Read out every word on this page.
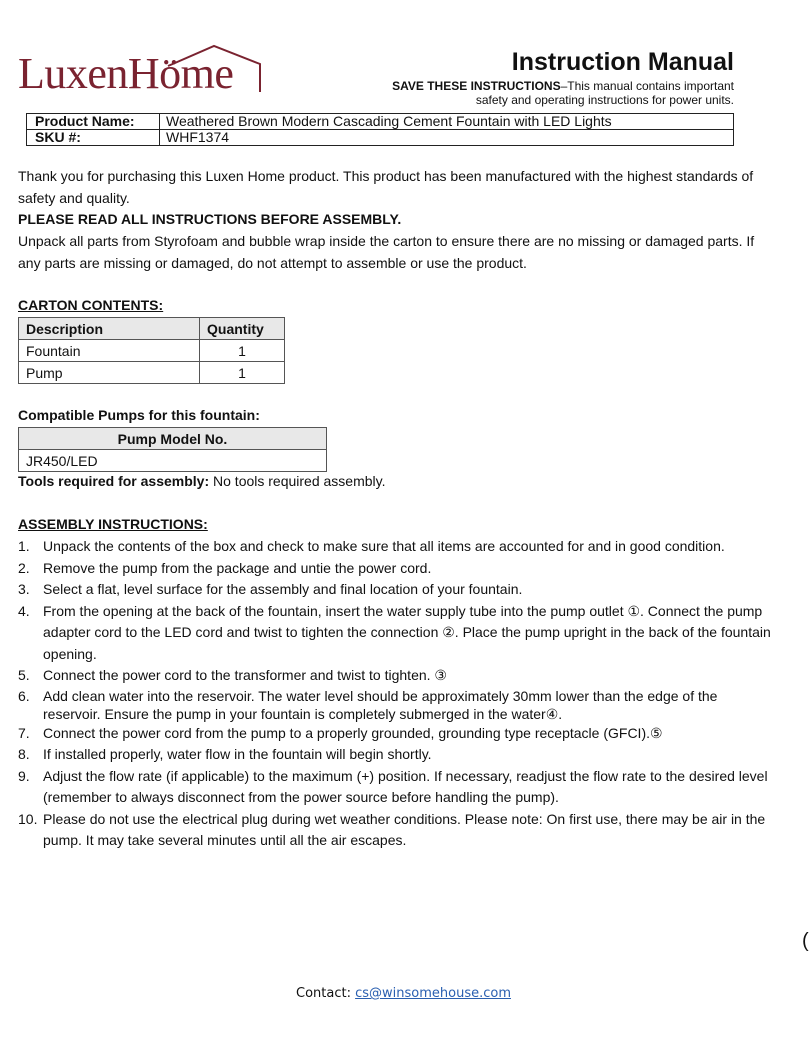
LuxenHöme	Instruction Manual
SAVE THESE INSTRUCTIONS–This manual contains important
safety and operating instructions for power units.
Product Name:	Weathered Brown Modern Cascading Cement Fountain with LED Lights
SKU #:	WHF1374
Thank you for purchasing this Luxen Home product. This product has been manufactured with the highest standards of safety and quality.
PLEASE READ ALL INSTRUCTIONS BEFORE ASSEMBLY.
Unpack all parts from Styrofoam and bubble wrap inside the carton to ensure there are no missing or damaged parts. If any parts are missing or damaged, do not attempt to assemble or use the product.
CARTON CONTENTS:
Description	Quantity
Fountain	1
Pump	1
Compatible Pumps for this fountain:
Pump Model No.
JR450/LED
Tools required for assembly: No tools required assembly.
ASSEMBLY INSTRUCTIONS:
1. Unpack the contents of the box and check to make sure that all items are accounted for and in good condition.
2. Remove the pump from the package and untie the power cord.
3. Select a flat, level surface for the assembly and final location of your fountain.
4. From the opening at the back of the fountain, insert the water supply tube into the pump outlet ①. Connect the pump adapter cord to the LED cord and twist to tighten the connection ②. Place the pump upright in the back of the fountain opening.
5. Connect the power cord to the transformer and twist to tighten. ③
6. Add clean water into the reservoir. The water level should be approximately 30mm lower than the edge of the reservoir. Ensure the pump in your fountain is completely submerged in the water④.
7. Connect the power cord from the pump to a properly grounded, grounding type receptacle (GFCI).⑤
8. If installed properly, water flow in the fountain will begin shortly.
9. Adjust the flow rate (if applicable) to the maximum (+) position. If necessary, readjust the flow rate to the desired level (remember to always disconnect from the power source before handling the pump).
10. Please do not use the electrical plug during wet weather conditions. Please note: On first use, there may be air in the pump. It may take several minutes until all the air escapes.
(
Contact: cs@winsomehouse.com
